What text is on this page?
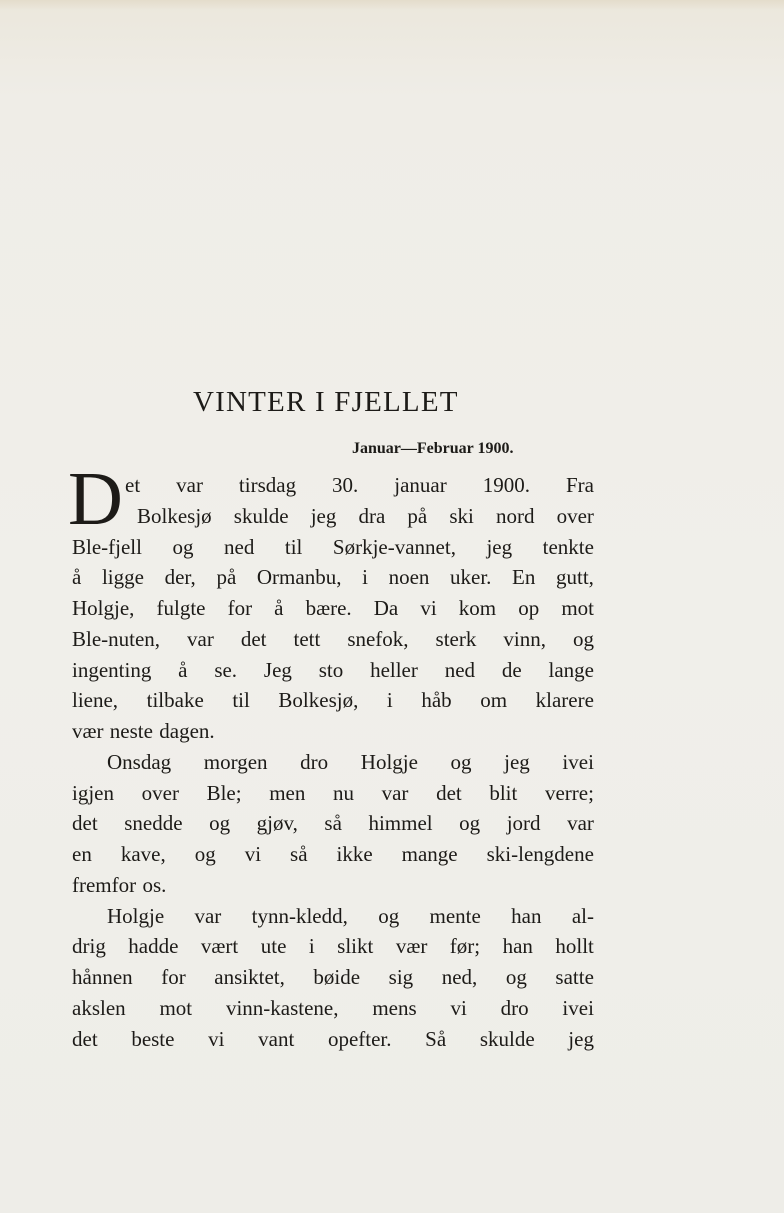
VINTER I FJELLET
Januar—Februar 1900.
D et var tirsdag 30. januar 1900. Fra
Bolkesjø skulde jeg dra på ski nord over
Ble-fjell og ned til Sørkje-vannet, jeg tenkte
å ligge der, på Ormanbu, i noen uker. En gutt,
Holgje, fulgte for å bære. Da vi kom op mot
Ble-nuten, var det tett snefok, sterk vinn, og
ingenting å se. Jeg sto heller ned de lange
liene, tilbake til Bolkesjø, i håb om klarere
vær neste dagen.
Onsdag morgen dro Holgje og jeg ivei
igjen over Ble; men nu var det blit verre;
det snedde og gjøv, så himmel og jord var
en kave, og vi så ikke mange ski-lengdene
fremfor os.
Holgje var tynn-kledd, og mente han al-
drig hadde vært ute i slikt vær før; han hollt
hånnen for ansiktet, bøide sig ned, og satte
akslen mot vinn-kastene, mens vi dro ivei
det beste vi vant opefter. Så skulde jeg
